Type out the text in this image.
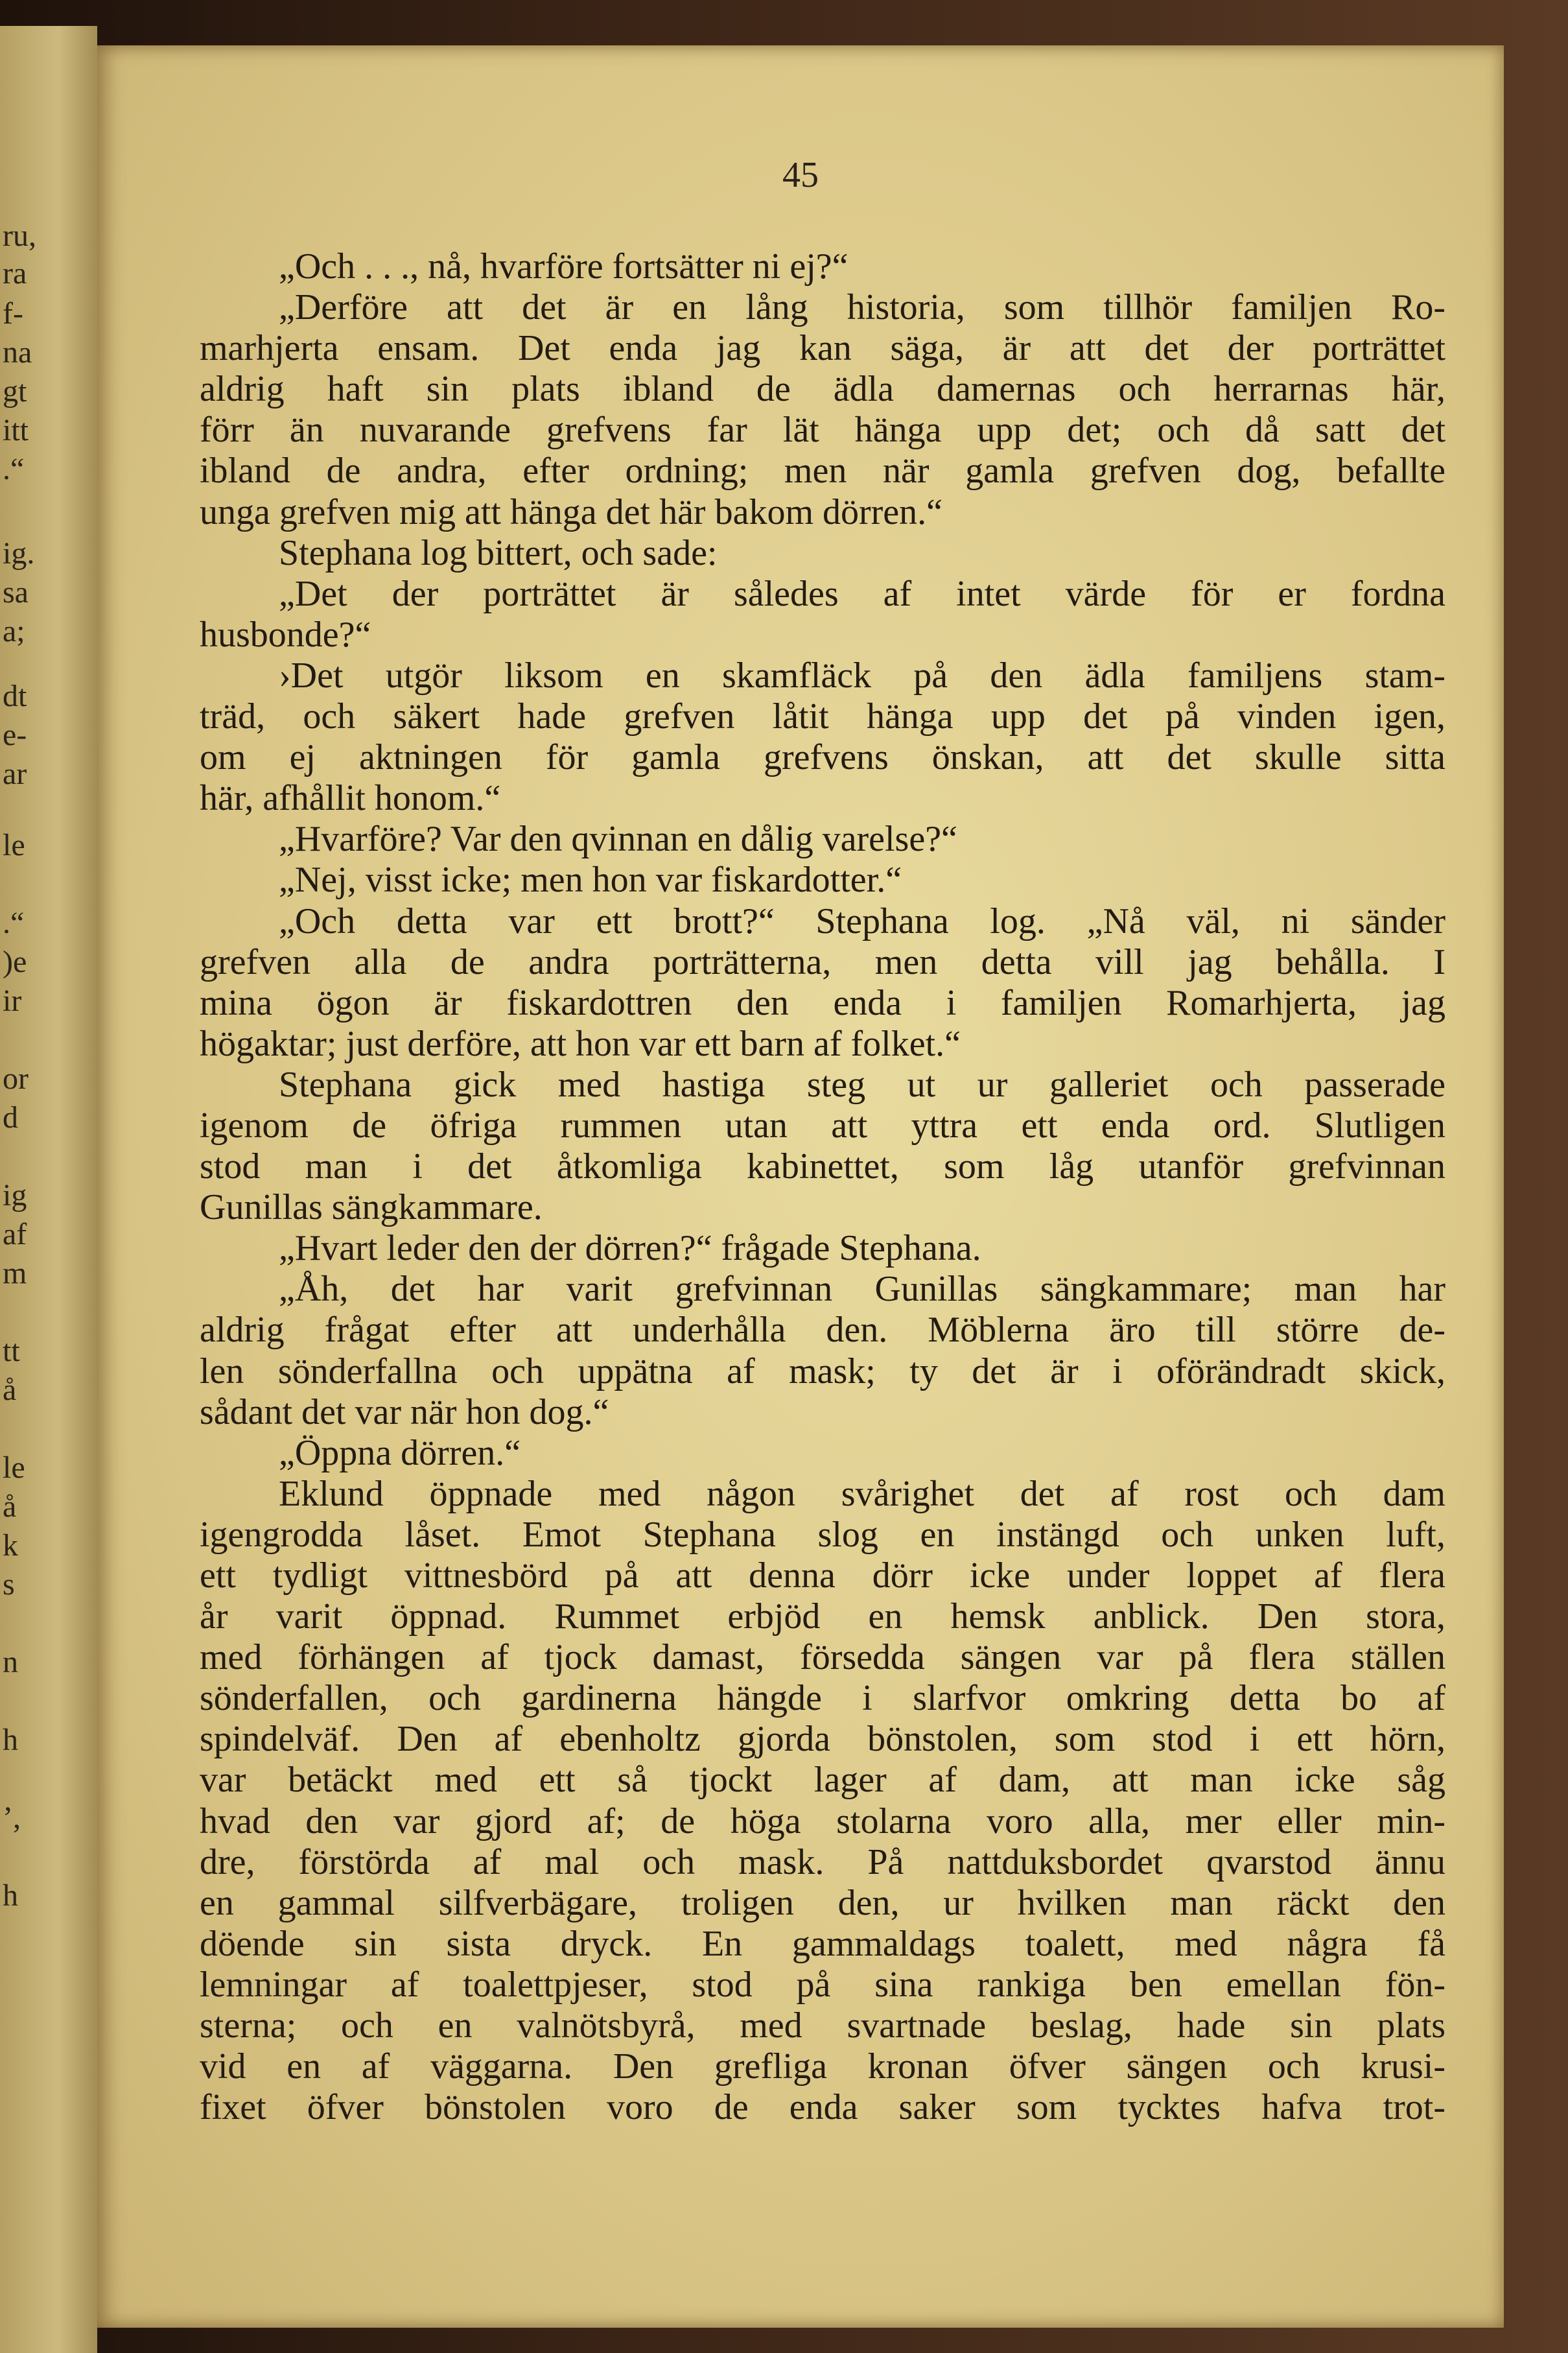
ru,
ra
f-
na
gt
itt
.“
ig.
sa
a;
dt
e-
ar
le
.“
)e
ir
or
d
ig
af
m
tt
å
le
å
k
s
n
h
’,
h
45
„Och . . ., nå, hvarföre fortsätter ni ej?“
„Derföre att det är en lång historia, som tillhör familjen Ro-
marhjerta ensam. Det enda jag kan säga, är att det der porträttet
aldrig haft sin plats ibland de ädla damernas och herrarnas här,
förr än nuvarande grefvens far lät hänga upp det; och då satt det
ibland de andra, efter ordning; men när gamla grefven dog, befallte
unga grefven mig att hänga det här bakom dörren.“
Stephana log bittert, och sade:
„Det der porträttet är således af intet värde för er fordna
husbonde?“
›Det utgör liksom en skamfläck på den ädla familjens stam-
träd, och säkert hade grefven låtit hänga upp det på vinden igen,
om ej aktningen för gamla grefvens önskan, att det skulle sitta
här, afhållit honom.“
„Hvarföre? Var den qvinnan en dålig varelse?“
„Nej, visst icke; men hon var fiskardotter.“
„Och detta var ett brott?“ Stephana log. „Nå väl, ni sänder
grefven alla de andra porträtterna, men detta vill jag behålla. I
mina ögon är fiskardottren den enda i familjen Romarhjerta, jag
högaktar; just derföre, att hon var ett barn af folket.“
Stephana gick med hastiga steg ut ur galleriet och passerade
igenom de öfriga rummen utan att yttra ett enda ord. Slutligen
stod man i det åtkomliga kabinettet, som låg utanför grefvinnan
Gunillas sängkammare.
„Hvart leder den der dörren?“ frågade Stephana.
„Åh, det har varit grefvinnan Gunillas sängkammare; man har
aldrig frågat efter att underhålla den. Möblerna äro till större de-
len sönderfallna och uppätna af mask; ty det är i oförändradt skick,
sådant det var när hon dog.“
„Öppna dörren.“
Eklund öppnade med någon svårighet det af rost och dam
igengrodda låset. Emot Stephana slog en instängd och unken luft,
ett tydligt vittnesbörd på att denna dörr icke under loppet af flera
år varit öppnad. Rummet erbjöd en hemsk anblick. Den stora,
med förhängen af tjock damast, försedda sängen var på flera ställen
sönderfallen, och gardinerna hängde i slarfvor omkring detta bo af
spindelväf. Den af ebenholtz gjorda bönstolen, som stod i ett hörn,
var betäckt med ett så tjockt lager af dam, att man icke såg
hvad den var gjord af; de höga stolarna voro alla, mer eller min-
dre, förstörda af mal och mask. På nattduksbordet qvarstod ännu
en gammal silfverbägare, troligen den, ur hvilken man räckt den
döende sin sista dryck. En gammaldags toalett, med några få
lemningar af toalettpjeser, stod på sina rankiga ben emellan fön-
sterna; och en valnötsbyrå, med svartnade beslag, hade sin plats
vid en af väggarna. Den grefliga kronan öfver sängen och krusi-
fixet öfver bönstolen voro de enda saker som tycktes hafva trot-
